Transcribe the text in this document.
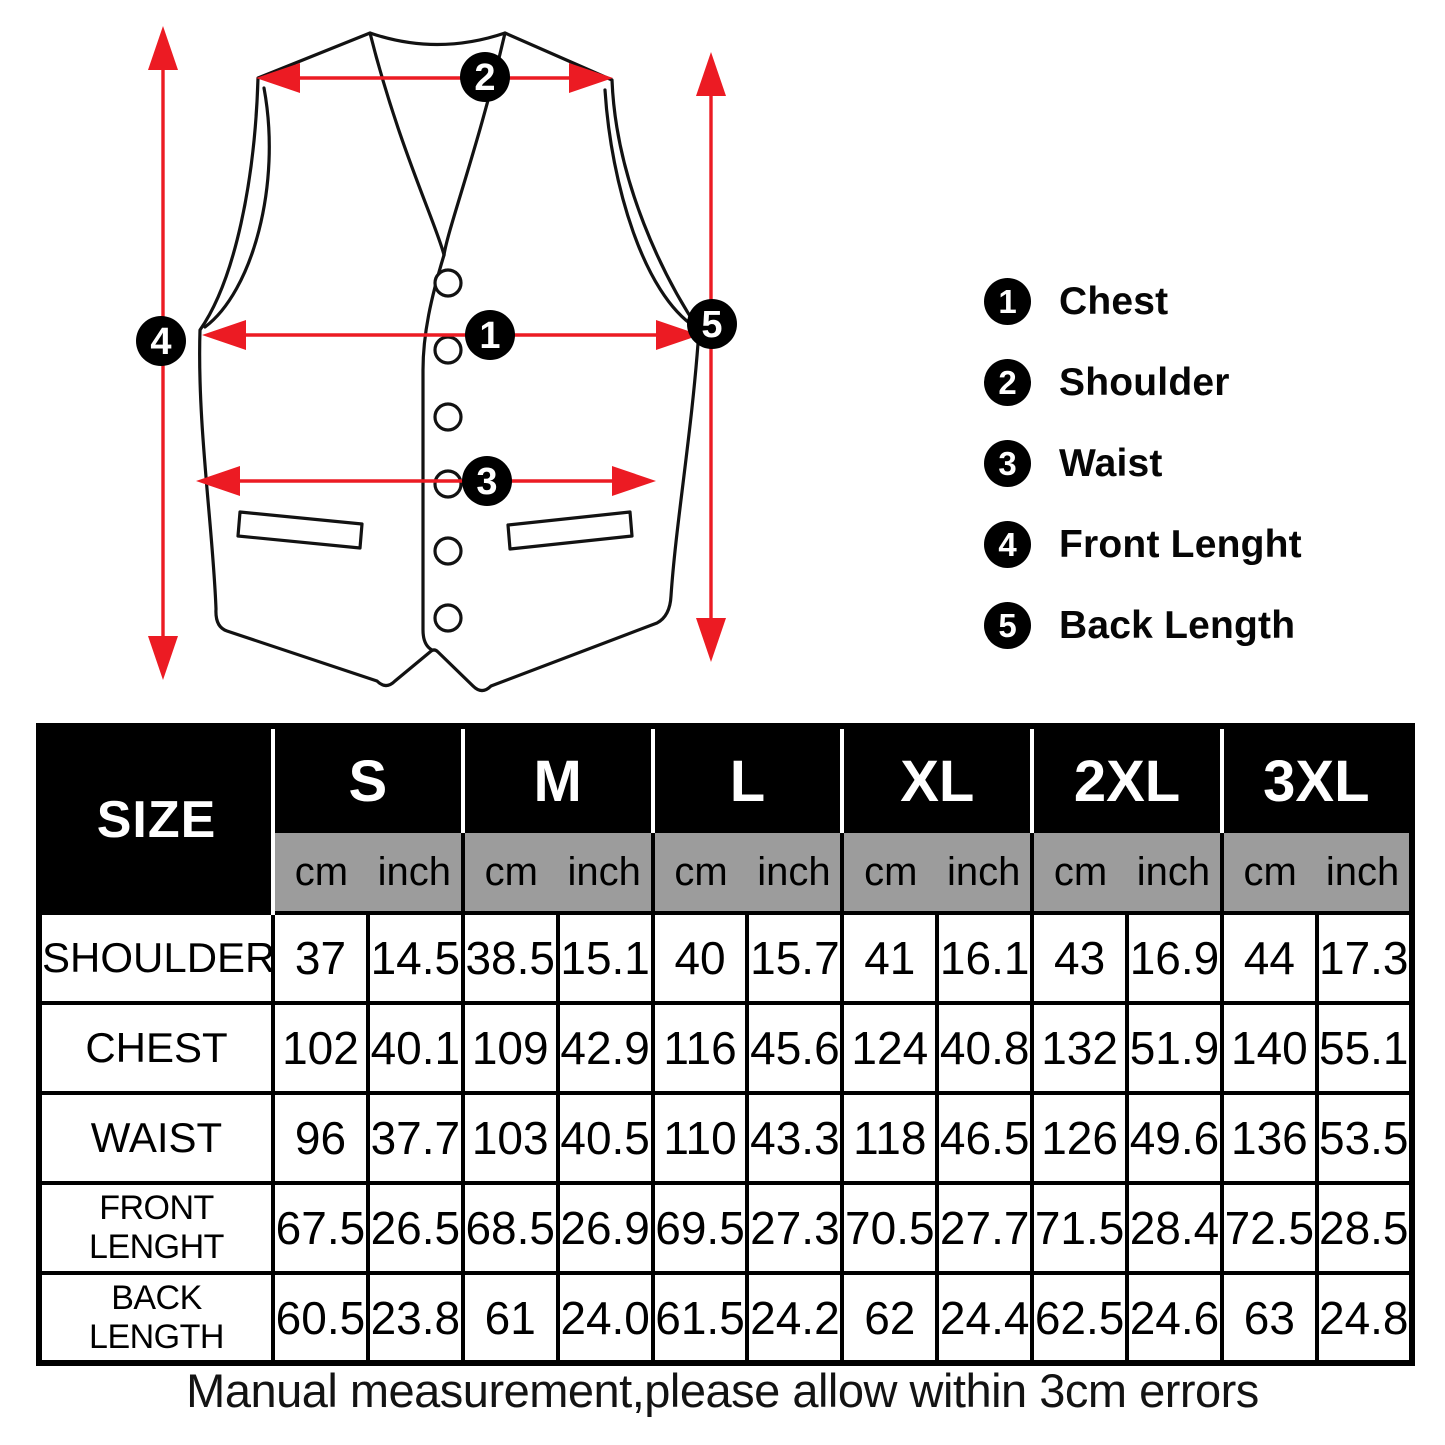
1
2
3
4	5
1	Chest
2	Shoulder
3	Waist
4	Front Lenght
5	Back Length
SIZE	S		M		L		XL		2XL		3XL	

	cm inch		cm inch		cm inch		cm inch		cm inch		cm inch	

SHOULDER	37	14.5	38.5	15.1	40	15.7	41	16.1	43	16.9	44	17.3
CHEST	102	40.1	109	42.9	116	45.6	124	40.8	132	51.9	140	55.1
WAIST	96	37.7	103	40.5	110	43.3	118	46.5	126	49.6	136	53.5
FRONT LENGHT	67.5	26.5	68.5	26.9	69.5	27.3	70.5	27.7	71.5	28.4	72.5	28.5
BACK LENGTH	60.5	23.8	61	24.0	61.5	24.2	62	24.4	62.5	24.6	63	24.8
Manual measurement,please allow within 3cm errors
